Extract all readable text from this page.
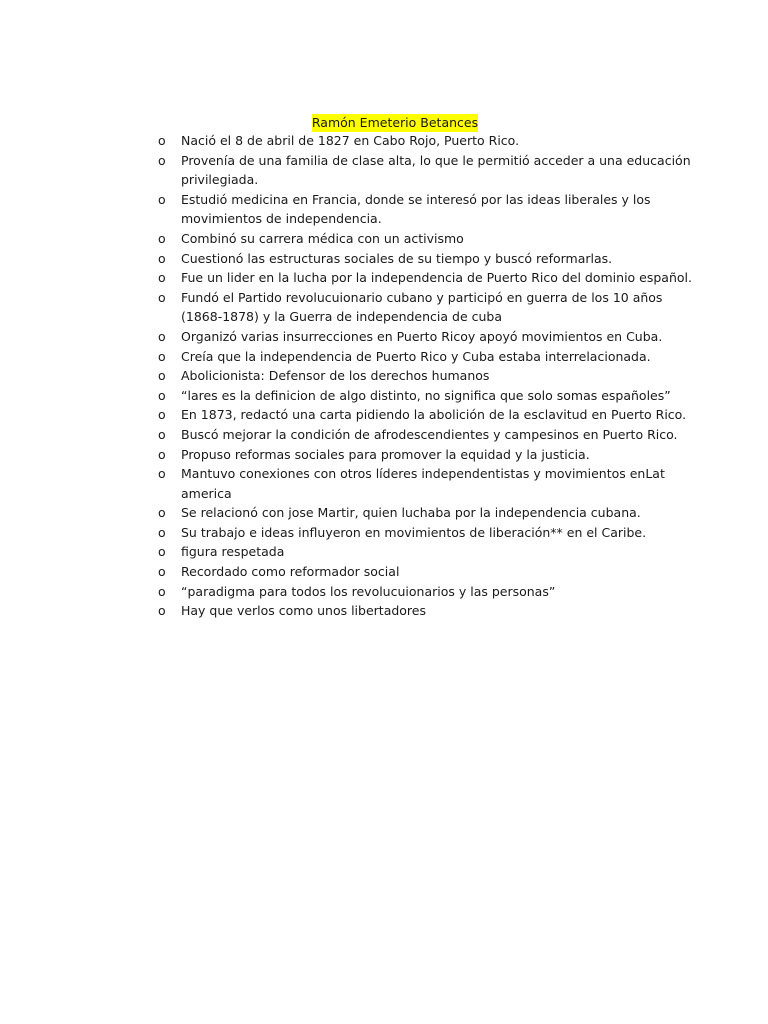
Ramón Emeterio Betances
o Nació el 8 de abril de 1827 en Cabo Rojo, Puerto Rico.
o Provenía de una familia de clase alta, lo que le permitió acceder a una educación privilegiada.
o Estudió medicina en Francia, donde se interesó por las ideas liberales y los movimientos de independencia.
o Combinó su carrera médica con un activismo
o Cuestionó las estructuras sociales de su tiempo y buscó reformarlas.
o Fue un lider en la lucha por la independencia de Puerto Rico del dominio español.
o Fundó el Partido revolucuionario cubano y participó en guerra de los 10 años (1868-1878) y la Guerra de independencia de cuba
o Organizó varias insurrecciones en Puerto Ricoy apoyó movimientos en Cuba.
o Creía que la independencia de Puerto Rico y Cuba estaba interrelacionada.
o Abolicionista: Defensor de los derechos humanos
o “lares es la definicion de algo distinto, no significa que solo somas españoles”
o En 1873, redactó una carta pidiendo la abolición de la esclavitud en Puerto Rico.
o Buscó mejorar la condición de afrodescendientes y campesinos en Puerto Rico.
o Propuso reformas sociales para promover la equidad y la justicia.
o Mantuvo conexiones con otros líderes independentistas y movimientos enLat america
o Se relacionó con jose Martir, quien luchaba por la independencia cubana.
o Su trabajo e ideas influyeron en movimientos de liberación** en el Caribe.
o figura respetada
o Recordado como reformador social
o “paradigma para todos los revolucuionarios y las personas”
o Hay que verlos como unos libertadores
